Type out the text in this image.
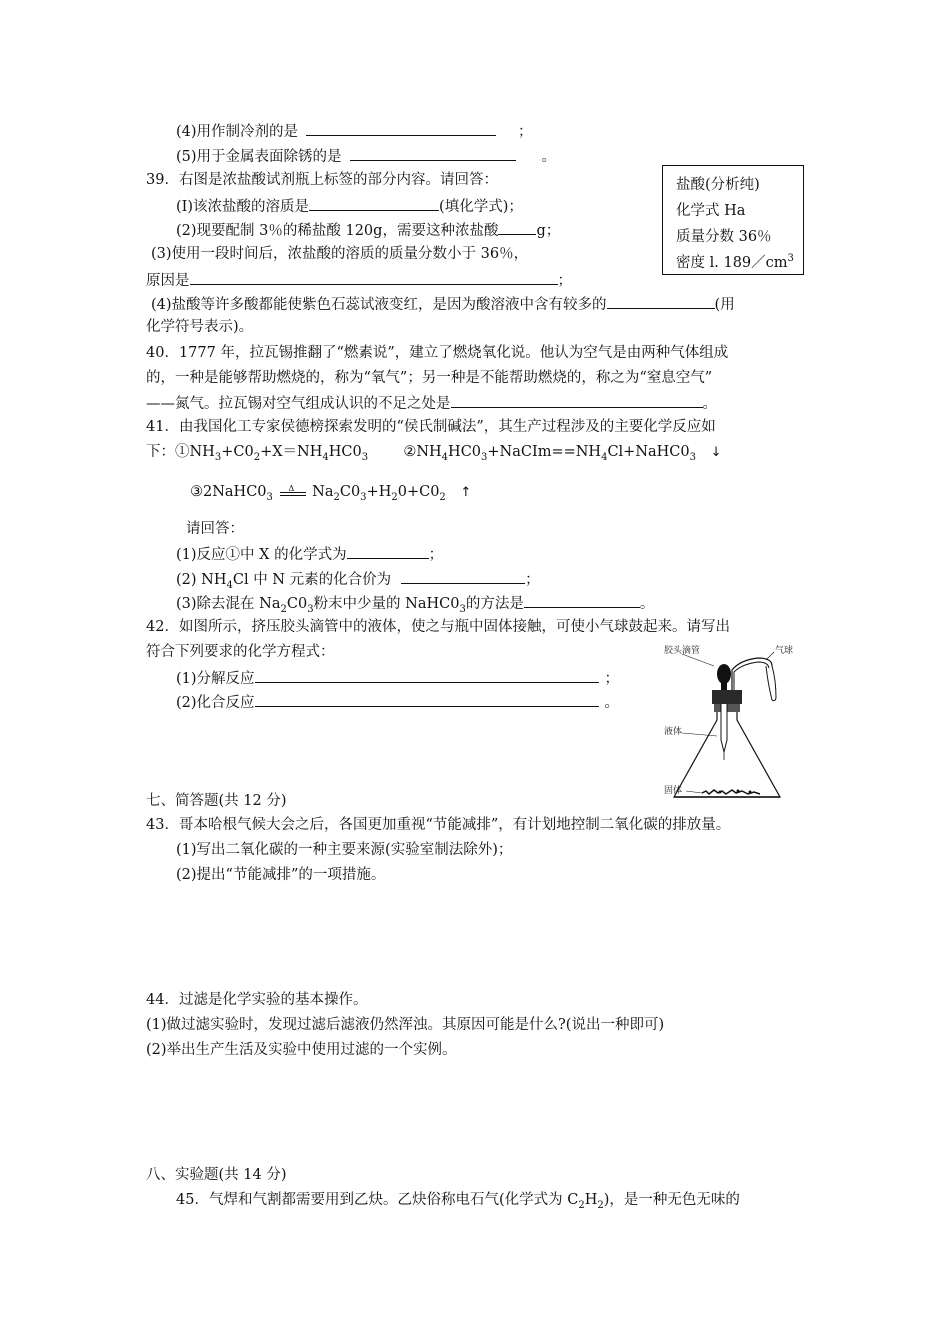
(4)用作制冷剂的是	；
(5)用于金属表面除锈的是	。
39．右图是浓盐酸试剂瓶上标签的部分内容。请回答：
(I)该浓盐酸的溶质是	(填化学式)；
(2)现要配制 3％的稀盐酸 120g，需要这种浓盐酸	g；
(3)使用一段时间后，浓盐酸的溶质的质量分数小于 36％，
原因是	；
(4)盐酸等许多酸都能使紫色石蕊试液变红，是因为酸溶液中含有较多的	(用
化学符号表示)。
盐酸(分析纯)
化学式 Ha
质量分数 36％
密度 l. $189/cm^3$
40．1777 年，拉瓦锡推翻了“燃素说”，建立了燃烧氧化说。他认为空气是由两种气体组成
的，一种是能够帮助燃烧的，称为“氧气”；另一种是不能帮助燃烧的，称之为“窒息空气”
——氮气。拉瓦锡对空气组成认识的不足之处是	。
41．由我国化工专家侯德榜探索发明的“侯氏制碱法”，其生产过程涉及的主要化学反应如
下：$①NH_3+C0_2+X=NH_4HC0_3$ $②NH_4HC0_3+NaCIm==NH_4Cl+NaHC0_3$ ↓
$③2NaHC0_3$
Δ $Na_2C0_3+H_20+C0_2$ ↑
请回答：
(1)反应①中 X 的化学式为	；
(2) $NH_4Cl$ 中 N 元素的化合价为	；
(3)除去混在 $Na_2C0_3$粉末中少量的 $NaHC0_3$的方法是	。
42．如图所示，挤压胶头滴管中的液体，使之与瓶中固体接触，可使小气球鼓起来。请写出
符合下列要求的化学方程式：
(1)分解反应	；
(2)化合反应	。
胶头滴管	气球
液体
固体
七、简答题(共 12 分)
43．哥本哈根气候大会之后，各国更加重视“节能减排”，有计划地控制二氧化碳的排放量。
(1)写出二氧化碳的一种主要来源(实验室制法除外)；
(2)提出“节能减排”的一项措施。
44．过滤是化学实验的基本操作。
(1)做过滤实验时，发现过滤后滤液仍然浑浊。其原因可能是什么?(说出一种即可)
(2)举出生产生活及实验中使用过滤的一个实例。
八、实验题(共 14 分)
45．气焊和气割都需要用到乙炔。乙炔俗称电石气(化学式为 $C_2H_2$)，是一种无色无味的
